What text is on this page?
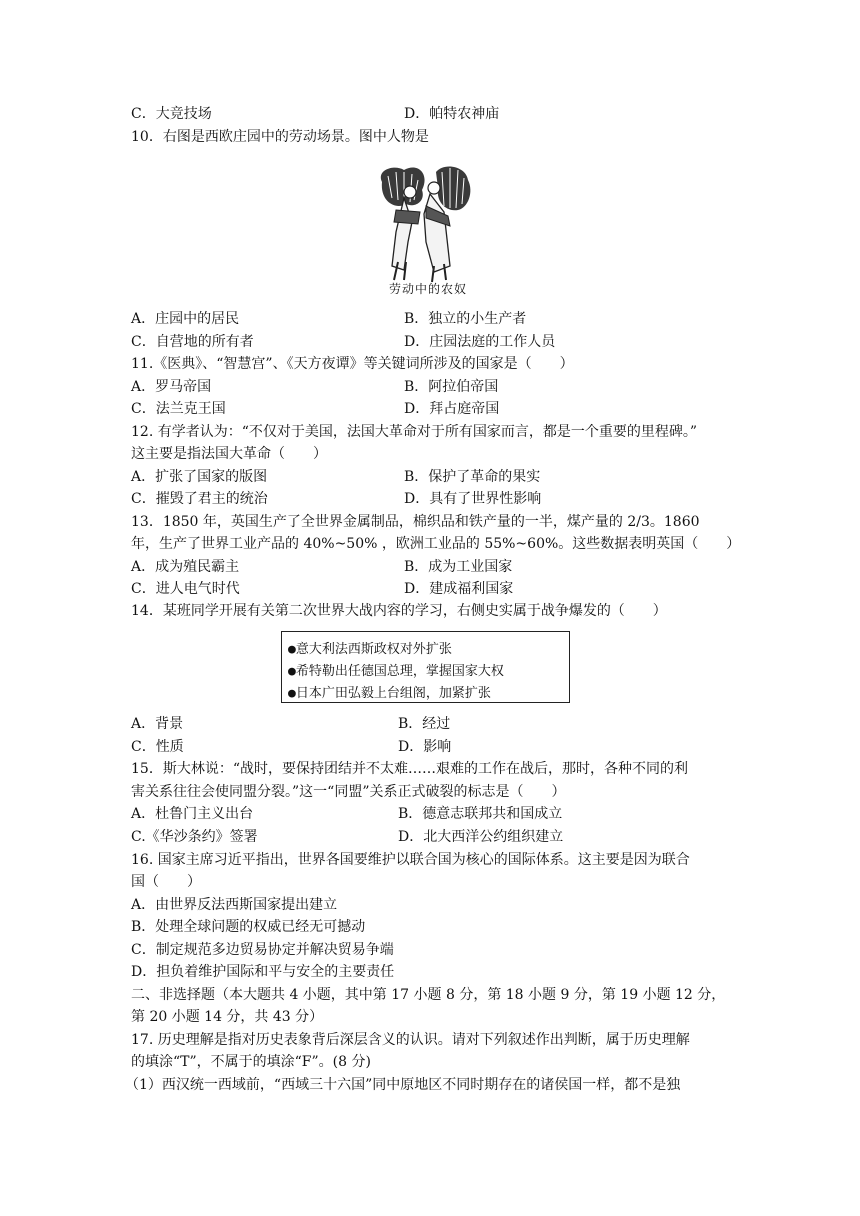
C．大竞技场	D．帕特农神庙
10．右图是西欧庄园中的劳动场景。图中人物是
劳动中的农奴
A．庄园中的居民	B．独立的小生产者
C．自营地的所有者	D．庄园法庭的工作人员
11.《医典》、“智慧宫”、《天方夜谭》等关键词所涉及的国家是（　　）
A．罗马帝国	B．阿拉伯帝国
C．法兰克王国	D．拜占庭帝国
12. 有学者认为：“不仅对于美国，法国大革命对于所有国家而言，都是一个重要的里程碑。”
这主要是指法国大革命（　　）
A．扩张了国家的版图	B．保护了革命的果实
C．摧毁了君主的统治	D．具有了世界性影响
13．1850 年，英国生产了全世界金属制品，棉织品和铁产量的一半，煤产量的 2/3。1860
年，生产了世界工业产品的 40%~50% ，欧洲工业品的 55%~60%。这些数据表明英国（　　）
A．成为殖民霸主	B．成为工业国家
C．进人电气时代	D．建成福利国家
14．某班同学开展有关第二次世界大战内容的学习，右侧史实属于战争爆发的（　　）
●意大利法西斯政权对外扩张
●希特勒出任德国总理，掌握国家大权
●日本广田弘毅上台组阁，加紧扩张
A．背景	B．经过
C．性质	D．影响
15．斯大林说：“战时，要保持团结并不太难……艰难的工作在战后，那时，各种不同的利
害关系往往会使同盟分裂。”这一“同盟”关系正式破裂的标志是（　　）
A．杜鲁门主义出台	B．德意志联邦共和国成立
C.《华沙条约》签署	D．北大西洋公约组织建立
16. 国家主席习近平指出，世界各国要维护以联合国为核心的国际体系。这主要是因为联合
国（　　）
A．由世界反法西斯国家提出建立
B．处理全球问题的权威已经无可撼动
C．制定规范多边贸易协定并解决贸易争端
D．担负着维护国际和平与安全的主要责任
二、非选择题（本大题共 4 小题，其中第 17 小题 8 分，第 18 小题 9 分，第 19 小题 12 分，
第 20 小题 14 分，共 43 分）
17. 历史理解是指对历史表象背后深层含义的认识。请对下列叙述作出判断，属于历史理解
的填涂“T”，不属于的填涂“F”。(8 分)
（1）西汉统一西域前，“西域三十六国”同中原地区不同时期存在的诸侯国一样，都不是独
